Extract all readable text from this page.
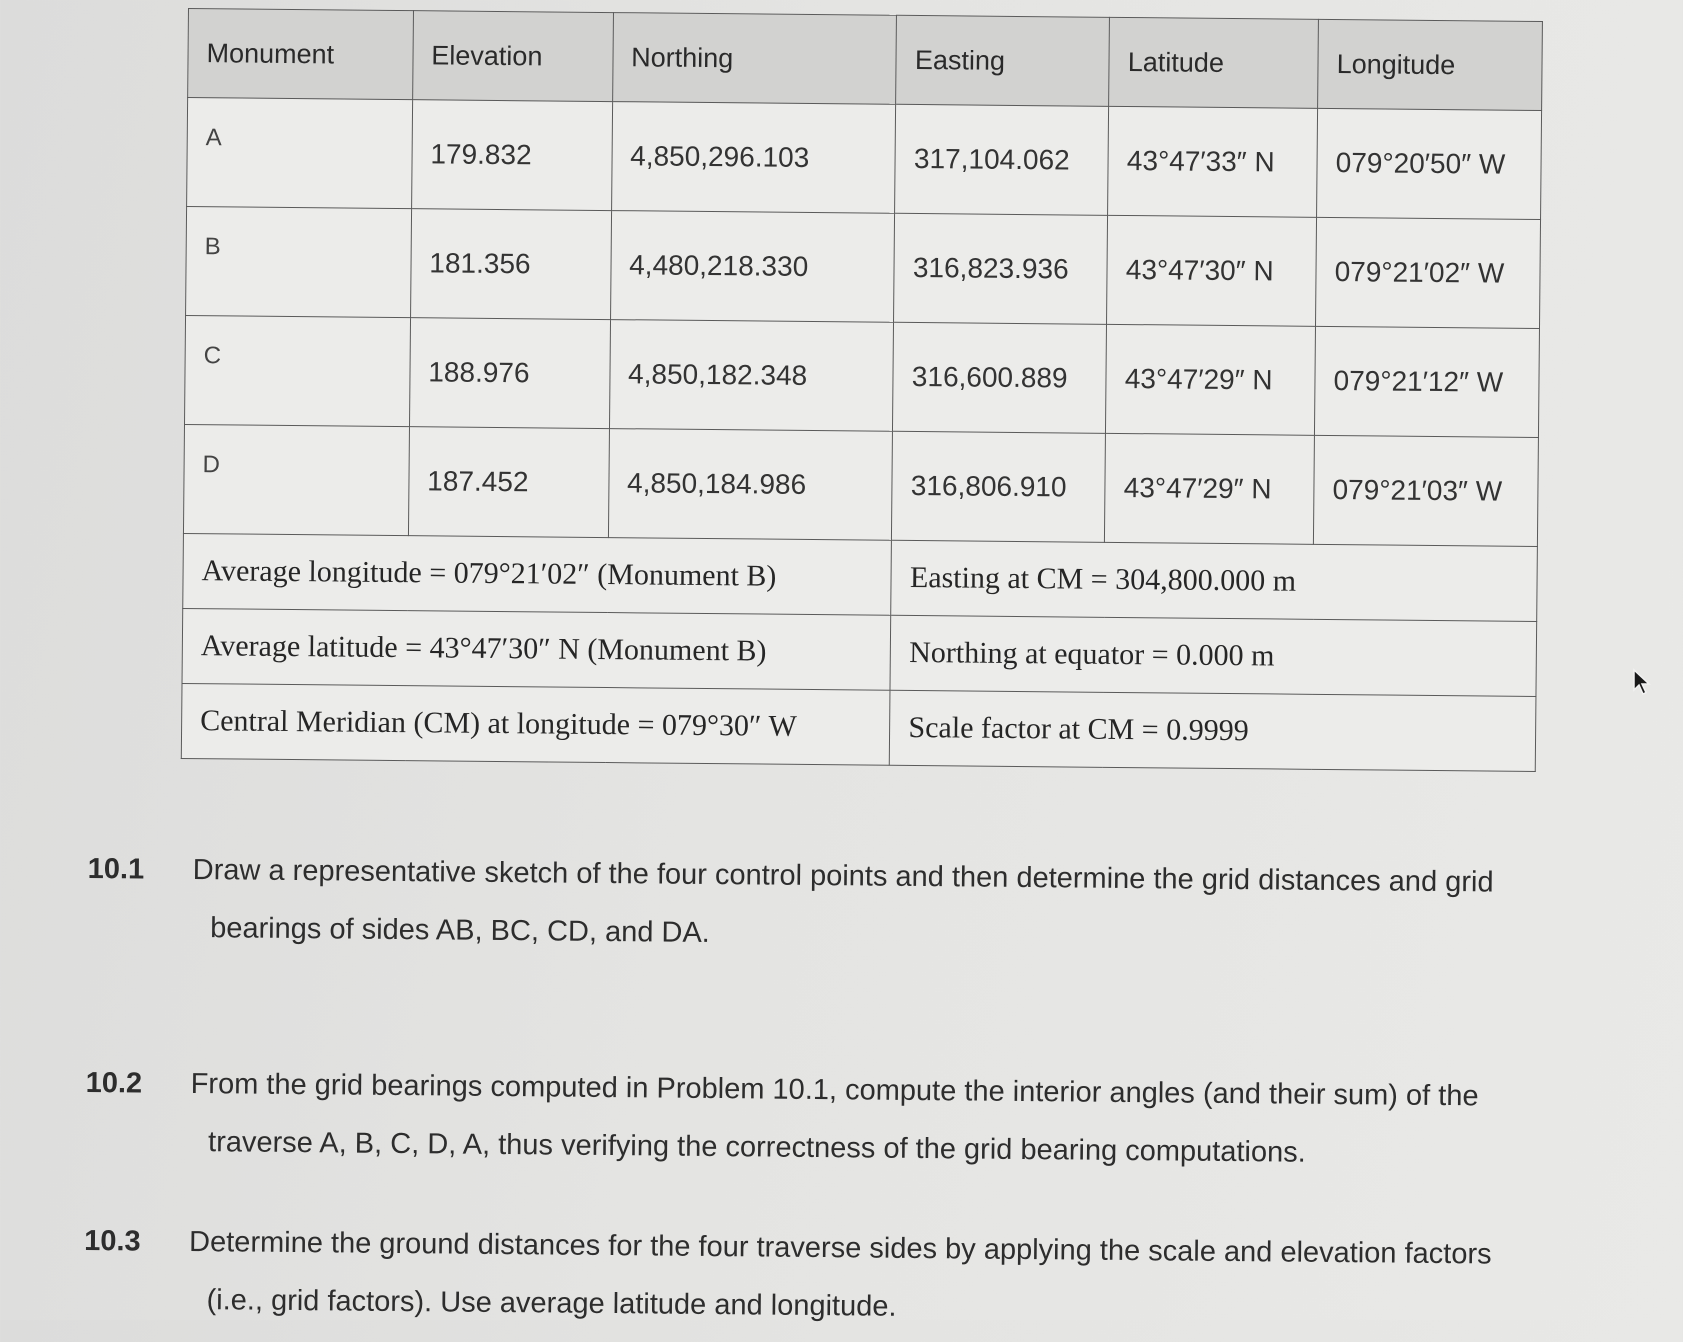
Monument	Elevation	Northing	Easting	Latitude	Longitude
A	179.832	4,850,296.103	317,104.062	43°47′33″ N	079°20′50″ W
B	181.356	4,480,218.330	316,823.936	43°47′30″ N	079°21′02″ W
C	188.976	4,850,182.348	316,600.889	43°47′29″ N	079°21′12″ W
D	187.452	4,850,184.986	316,806.910	43°47′29″ N	079°21′03″ W
Average longitude = 079°21′02″ (Monument B)			Easting at CM = 304,800.000 m		
Average latitude = 43°47′30″ N (Monument B)			Northing at equator = 0.000 m		
Central Meridian (CM) at longitude = 079°30″ W			Scale factor at CM = 0.9999		
10.1 Draw a representative sketch of the four control points and then determine the grid distances and grid
bearings of sides AB, BC, CD, and DA.
10.2 From the grid bearings computed in Problem 10.1, compute the interior angles (and their sum) of the
traverse A, B, C, D, A, thus verifying the correctness of the grid bearing computations.
10.3 Determine the ground distances for the four traverse sides by applying the scale and elevation factors
(i.e., grid factors). Use average latitude and longitude.
